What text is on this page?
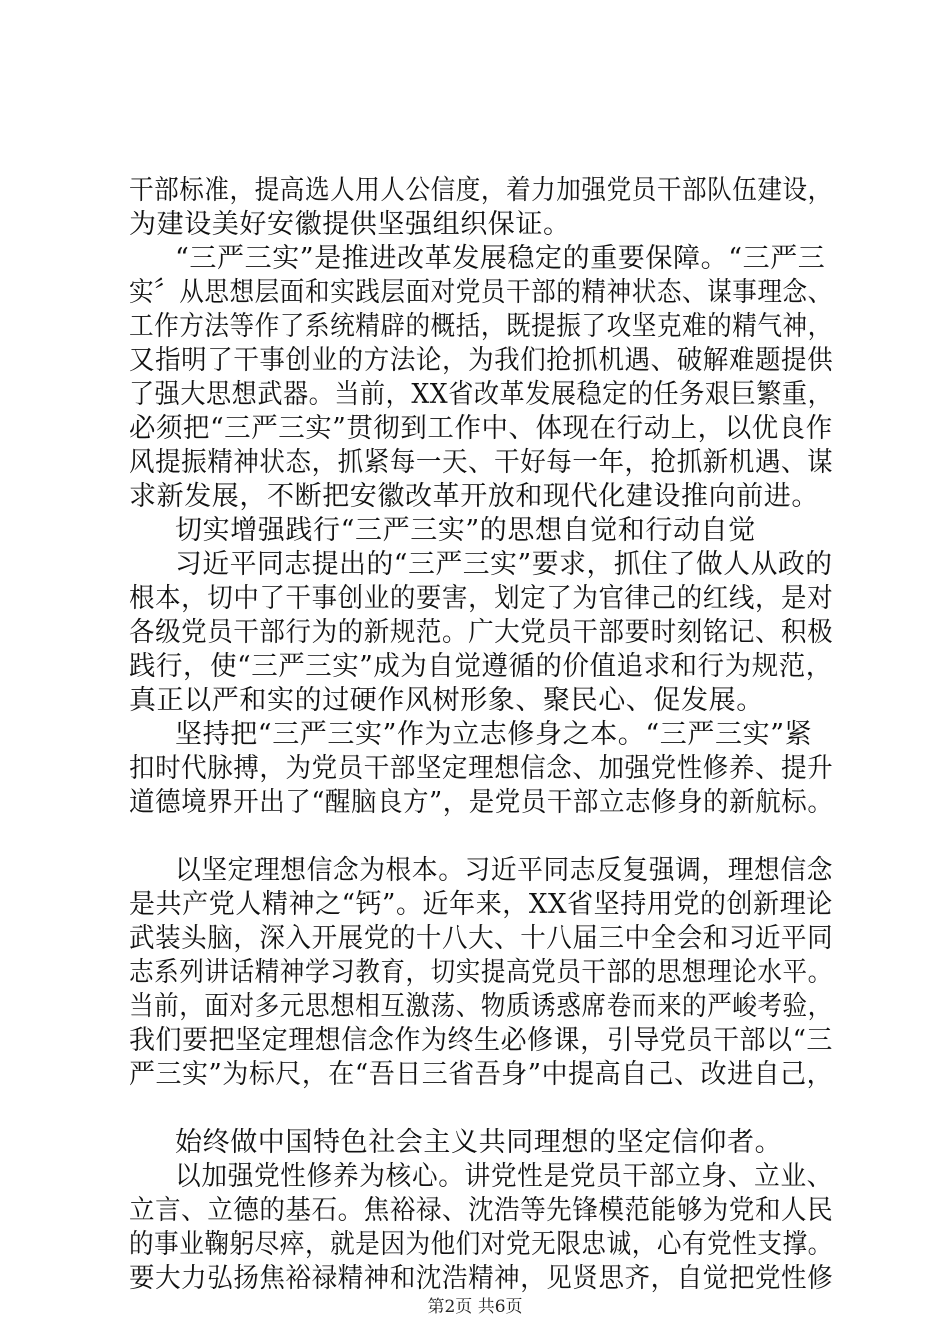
干部标准，提高选人用人公信度，着力加强党员干部队伍建设，
为建设美好安徽提供坚强组织保证。
“三严三实”是推进改革发展稳定的重要保障。“三严三
实〞从思想层面和实践层面对党员干部的精神状态、谋事理念、
工作方法等作了系统精辟的概括，既提振了攻坚克难的精气神，
又指明了干事创业的方法论，为我们抢抓机遇、破解难题提供
了强大思想武器。当前，XX省改革发展稳定的任务艰巨繁重，
必须把“三严三实”贯彻到工作中、体现在行动上，以优良作
风提振精神状态，抓紧每一天、干好每一年，抢抓新机遇、谋
求新发展，不断把安徽改革开放和现代化建设推向前进。
切实增强践行“三严三实”的思想自觉和行动自觉
习近平同志提出的“三严三实”要求，抓住了做人从政的
根本，切中了干事创业的要害，划定了为官律己的红线，是对
各级党员干部行为的新规范。广大党员干部要时刻铭记、积极
践行，使“三严三实”成为自觉遵循的价值追求和行为规范，
真正以严和实的过硬作风树形象、聚民心、促发展。
坚持把“三严三实”作为立志修身之本。“三严三实”紧
扣时代脉搏，为党员干部坚定理想信念、加强党性修养、提升
道德境界开出了“醒脑良方”，是党员干部立志修身的新航标。
以坚定理想信念为根本。习近平同志反复强调，理想信念
是共产党人精神之“钙”。近年来，XX省坚持用党的创新理论
武装头脑，深入开展党的十八大、十八届三中全会和习近平同
志系列讲话精神学习教育，切实提高党员干部的思想理论水平。
当前，面对多元思想相互激荡、物质诱惑席卷而来的严峻考验，
我们要把坚定理想信念作为终生必修课，引导党员干部以“三
严三实”为标尺，在“吾日三省吾身”中提高自己、改进自己，
始终做中国特色社会主义共同理想的坚定信仰者。
以加强党性修养为核心。讲党性是党员干部立身、立业、
立言、立德的基石。焦裕禄、沈浩等先锋模范能够为党和人民
的事业鞠躬尽瘁，就是因为他们对党无限忠诚，心有党性支撑。
要大力弘扬焦裕禄精神和沈浩精神，见贤思齐，自觉把党性修
第2页 共6页
